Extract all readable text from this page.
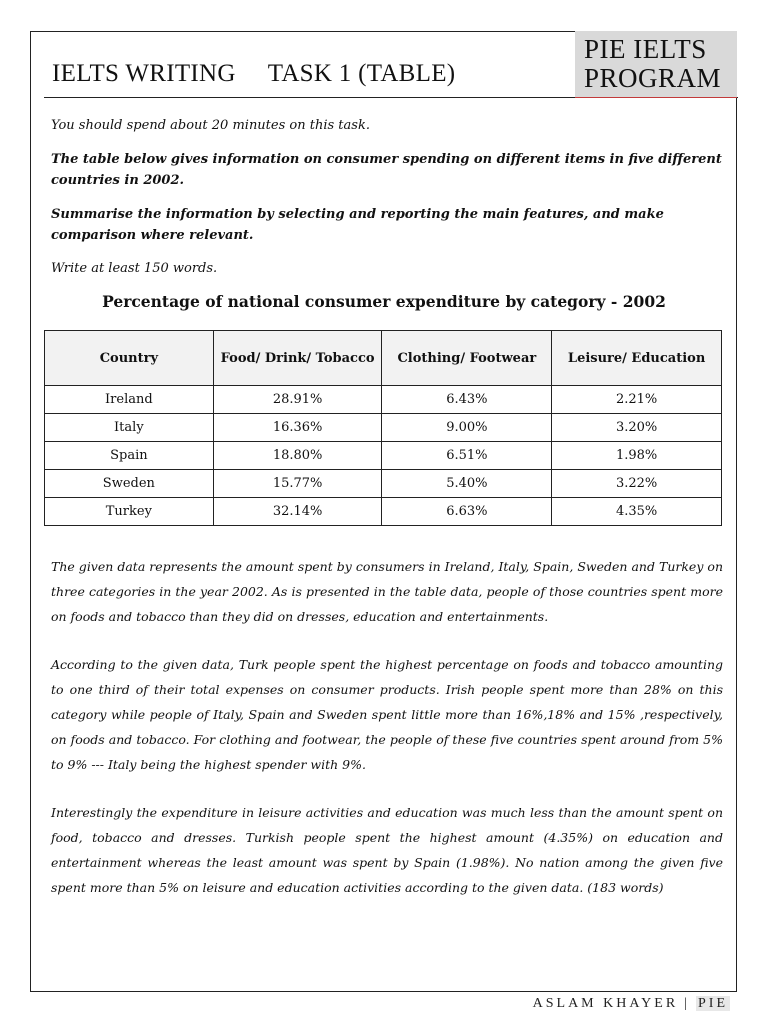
PIE IELTS
PROGRAM
IELTS WRITING TASK 1 (TABLE)
You should spend about 20 minutes on this task.
The table below gives information on consumer spending on different items in five different countries in 2002.
Summarise the information by selecting and reporting the main features, and make comparison where relevant.
Write at least 150 words.
Percentage of national consumer expenditure by category - 2002
Country	Food/ Drink/ Tobacco	Clothing/ Footwear	Leisure/ Education
Ireland	28.91%	6.43%	2.21%
Italy	16.36%	9.00%	3.20%
Spain	18.80%	6.51%	1.98%
Sweden	15.77%	5.40%	3.22%
Turkey	32.14%	6.63%	4.35%
The given data represents the amount spent by consumers in Ireland, Italy, Spain, Sweden and Turkey on three categories in the year 2002. As is presented in the table data, people of those countries spent more on foods and tobacco than they did on dresses, education and entertainments.
According to the given data, Turk people spent the highest percentage on foods and tobacco amounting to one third of their total expenses on consumer products. Irish people spent more than 28% on this category while people of Italy, Spain and Sweden spent little more than 16%,18% and 15% ,respectively, on foods and tobacco. For clothing and footwear, the people of these five countries spent around from 5% to 9% --- Italy being the highest spender with 9%.
Interestingly the expenditure in leisure activities and education was much less than the amount spent on food, tobacco and dresses. Turkish people spent the highest amount (4.35%) on education and entertainment whereas the least amount was spent by Spain (1.98%). No nation among the given five spent more than 5% on leisure and education activities according to the given data. (183 words)
ASLAM KHAYER | PIE
